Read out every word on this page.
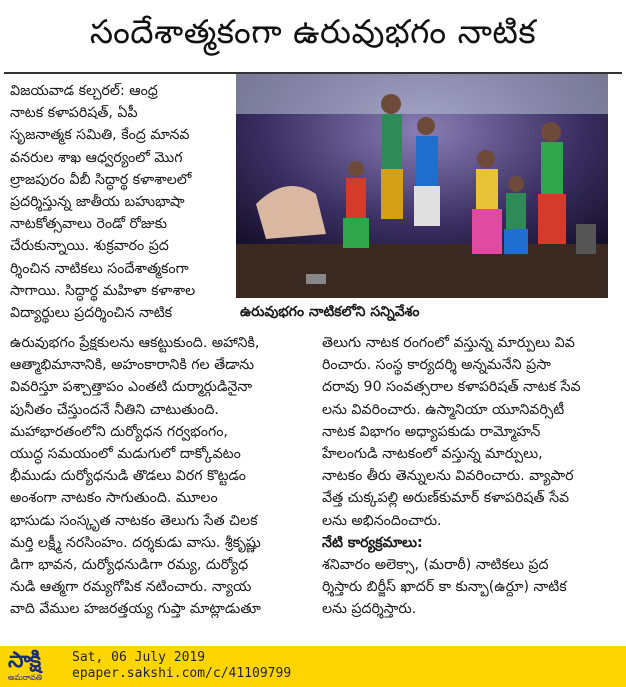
సందేశాత్మకంగా ఉరువుభగం నాటిక
విజయవాడ కల్చరల్: ఆంధ్ర
నాటక కళాపరిషత్, ఏపీ
సృజనాత్మక సమితి, కేంద్ర మానవ
వనరుల శాఖ ఆధ్వర్యంలో మొగ
ల్రాజపురం వీబీ సిద్ధార్థ కళాశాలలో
ప్రదర్శిస్తున్న జాతీయ బహుభాషా
నాటకోత్సవాలు రెండో రోజుకు
చేరుకున్నాయి. శుక్రవారం ప్రద
ర్శించిన నాటికలు సందేశాత్మకంగా
సాగాయి. సిద్ధార్థ మహిళా కళాశాల
విద్యార్థులు ప్రదర్శించిన నాటిక	ఉరువుభగం నాటికలోని సన్నివేశం
ఉరువుభగం ప్రేక్షకులను ఆకట్టుకుంది. అహానికి,
ఆత్మాభిమానానికి, అహంకారానికి గల తేడాను
వివరిస్తూ పశ్చాత్తాపం ఎంతటి దుర్మార్గుడినైనా
పునీతం చేస్తుందనే నీతిని చాటుతుంది.
మహాభారతంలోని దుర్యోధన గర్వభంగం,
యుద్ధ సమయంలో మడుగులో దాక్కోవటం
భీముడు దుర్యోధనుడి తొడలు విరగ కొట్టడం
అంశంగా నాటకం సాగుతుంది. మూలం
భాసుడు సంస్కృత నాటకం తెలుగు సేత చిలక
మర్తి లక్ష్మీ నరసింహం. దర్శకుడు వాసు. శ్రీకృష్ణు
డిగా భావన, దుర్యోధనుడిగా రమ్య, దుర్యోధ
నుడి ఆత్మగా రమ్యగోపిక నటించారు. న్యాయ
వాది వేముల హజరత్తయ్య గుప్తా మాట్లాడుతూ
తెలుగు నాటక రంగంలో వస్తున్న మార్పులు వివ
రించారు. సంస్థ కార్యదర్శి అన్నమనేని ప్రసా
దరావు 90 సంవత్సరాల కళాపరిషత్ నాటక సేవ
లను వివరించారు. ఉస్మానియా యూనివర్సిటీ
నాటక విభాగం అధ్యాపకుడు రామ్మోహన్
హేలంగుడి నాటకంలో వస్తున్న మార్పులు,
నాటకం తీరు తెన్నులను వివరించారు. వ్యాపార
వేత్త చుక్కపల్లి అరుణ్‌కుమార్ కళాపరిషత్ సేవ
లను అభినందించారు.
నేటి కార్యక్రమాలు:
శనివారం అలెక్సా, (మరాఠీ) నాటికలు ప్రద
ర్శిస్తారు బిర్జీస్ ఖాదర్ కా కున్బా(ఉర్దూ) నాటిక
లను ప్రదర్శిస్తారు.
సాక్షి
అమరావతి
Sat, 06 July 2019
epaper.sakshi.com/c/41109799
